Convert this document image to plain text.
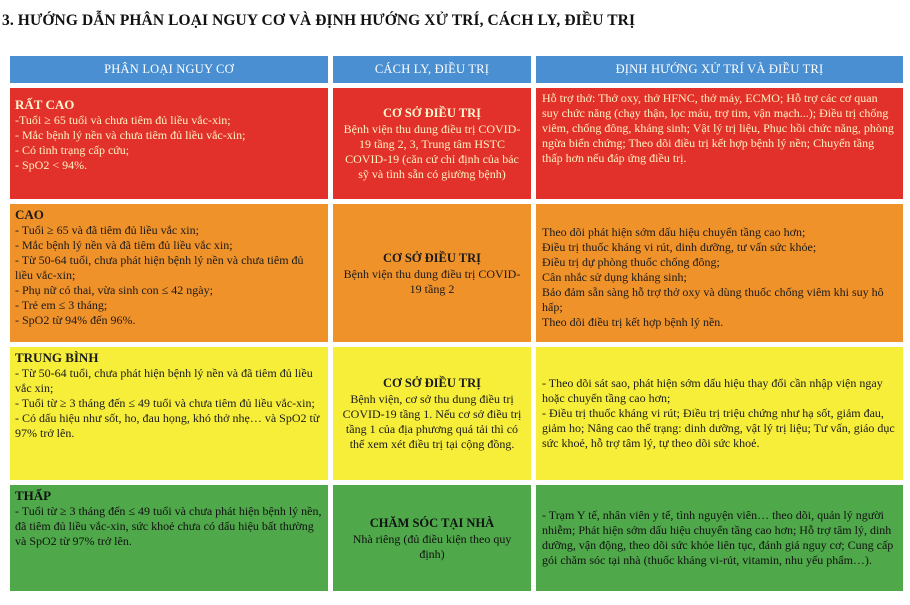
3. HƯỚNG DẪN PHÂN LOẠI NGUY CƠ VÀ ĐỊNH HƯỚNG XỬ TRÍ, CÁCH LY, ĐIỀU TRỊ
PHÂN LOẠI NGUY CƠ	CÁCH LY, ĐIỀU TRỊ	ĐỊNH HƯỚNG XỬ TRÍ VÀ ĐIỀU TRỊ
RẤT CAO
-Tuổi ≥ 65 tuổi và chưa tiêm đủ liều vắc-xin;
- Mắc bệnh lý nền và chưa tiêm đủ liều vắc-xin;
- Có tình trạng cấp cứu;
- SpO2 < 94%.
CƠ SỞ ĐIỀU TRỊ
Bệnh viện thu dung điều trị COVID-19 tầng 2, 3, Trung tâm HSTC COVID-19 (căn cứ chỉ định của bác sỹ và tình sẵn có giường bệnh)
Hỗ trợ thở: Thở oxy, thở HFNC, thở máy, ECMO; Hỗ trợ các cơ quan suy chức năng (chạy thận, lọc máu, trợ tim, vận mạch...); Điều trị chống viêm, chống đông, kháng sinh; Vật lý trị liệu, Phục hồi chức năng, phòng ngừa biến chứng; Theo dõi điều trị kết hợp bệnh lý nền; Chuyển tầng thấp hơn nếu đáp ứng điều trị.
CAO
- Tuổi ≥ 65 và đã tiêm đủ liều vắc xin;
- Mắc bệnh lý nền và đã tiêm đủ liều vắc xin;
- Từ 50-64 tuổi, chưa phát hiện bệnh lý nền và chưa tiêm đủ liều vắc-xin;
- Phụ nữ có thai, vừa sinh con ≤ 42 ngày;
- Trẻ em ≤ 3 tháng;
- SpO2 từ 94% đến 96%.
CƠ SỞ ĐIỀU TRỊ
Bệnh viện thu dung điều trị COVID-19 tầng 2
Theo dõi phát hiện sớm dấu hiệu chuyển tầng cao hơn;
Điều trị thuốc kháng vi rút, dinh dưỡng, tư vấn sức khỏe;
Điều trị dự phòng thuốc chống đông;
Cân nhắc sử dụng kháng sinh;
Bảo đảm sẵn sàng hỗ trợ thở oxy và dùng thuốc chống viêm khi suy hô hấp;
Theo dõi điều trị kết hợp bệnh lý nền.
TRUNG BÌNH
- Từ 50-64 tuổi, chưa phát hiện bệnh lý nền và đã tiêm đủ liều vắc xin;
- Tuổi từ ≥ 3 tháng đến ≤ 49 tuổi và chưa tiêm đủ liều vắc-xin;
- Có dấu hiệu như sốt, ho, đau họng, khó thở nhẹ… và SpO2 từ 97% trở lên.
CƠ SỞ ĐIỀU TRỊ
Bệnh viện, cơ sở thu dung điều trị COVID-19 tầng 1. Nếu cơ sở điều trị tầng 1 của địa phương quá tải thì có thể xem xét điều trị tại cộng đồng.
- Theo dõi sát sao, phát hiện sớm dấu hiệu thay đổi cần nhập viện ngay hoặc chuyển tầng cao hơn;
- Điều trị thuốc kháng vi rút; Điều trị triệu chứng như hạ sốt, giảm đau, giảm ho; Nâng cao thể trạng: dinh dưỡng, vật lý trị liệu; Tư vấn, giáo dục sức khoẻ, hỗ trợ tâm lý, tự theo dõi sức khoẻ.
THẤP
- Tuổi từ ≥ 3 tháng đến ≤ 49 tuổi và chưa phát hiện bệnh lý nền, đã tiêm đủ liều vắc-xin, sức khoẻ chưa có dấu hiệu bất thường và SpO2 từ 97% trở lên.
CHĂM SÓC TẠI NHÀ
Nhà riêng (đủ điều kiện theo quy định)
- Trạm Y tế, nhân viên y tế, tình nguyện viên… theo dõi, quản lý người nhiễm; Phát hiện sớm dấu hiệu chuyển tầng cao hơn; Hỗ trợ tâm lý, dinh dưỡng, vận động, theo dõi sức khỏe liên tục, đánh giá nguy cơ; Cung cấp gói chăm sóc tại nhà (thuốc kháng vi-rút, vitamin, nhu yếu phẩm…).
